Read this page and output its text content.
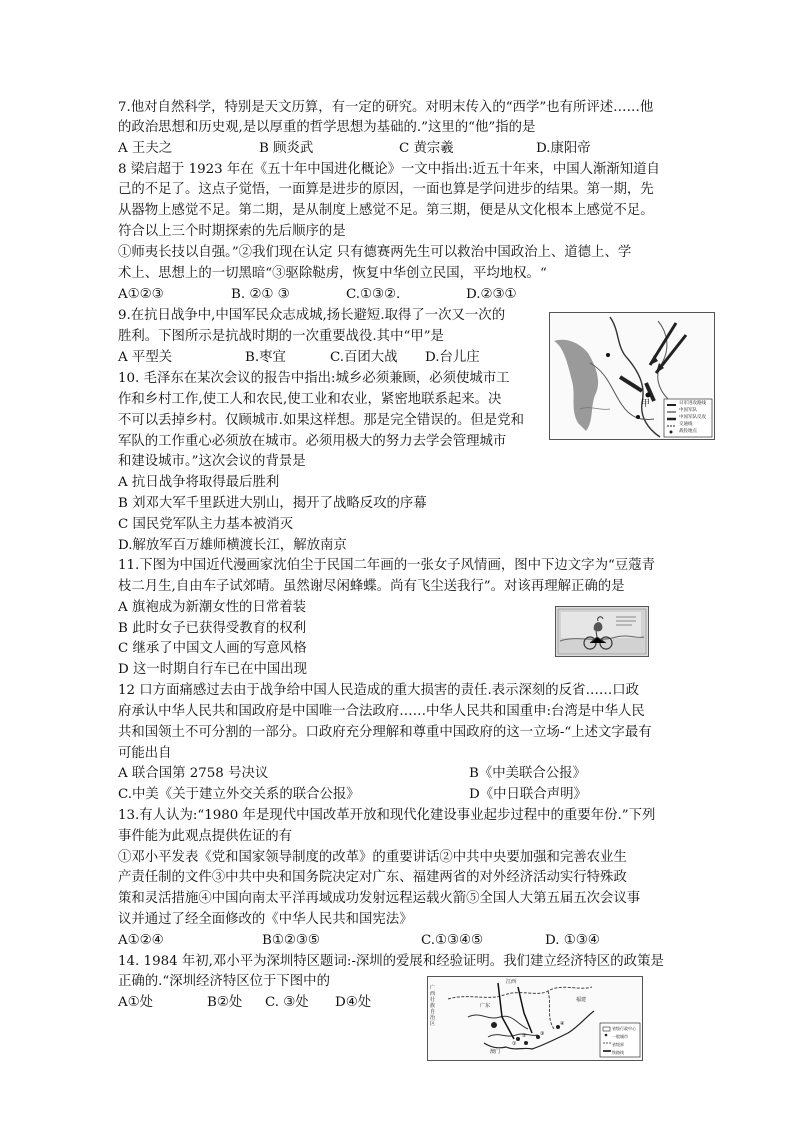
7.他对自然科学，特别是天文历算，有一定的研究。对明末传入的“西学”也有所评述……他
的政治思想和历史观,是以厚重的哲学思想为基础的.”这里的“他”指的是
A 王夫之	B 顾炎武	C 黄宗羲	D.康阳帝
8 梁启超于 1923 年在《五十年中国进化概论》一文中指出:近五十年来，中国人渐渐知道自
己的不足了。这点子觉悟，一面算是进步的原因，一面也算是学问进步的结果。第一期，先
从器物上感觉不足。第二期，是从制度上感觉不足。第三期，便是从文化根本上感觉不足。
符合以上三个时期探索的先后顺序的是
①师夷长技以自强。”②我们现在认定 只有德赛两先生可以救治中国政治上、道德上、学
术上、思想上的一切黑暗“③驱除鞑虏，恢复中华创立民国，平均地权。“
A①②③	B. ②① ③	C.①③②.	D.②③①
9.在抗日战争中,中国军民众志成城,扬长避短.取得了一次又一次的
胜利。下图所示是抗战时期的一次重要战役.其中“甲”是
A 平型关	B.枣宜	C.百团大战 D.台儿庄
甲	日军进攻路线
中国军队
中国军队反攻
交通线
战役地点
10. 毛泽东在某次会议的报告中指出:城乡必须兼顾，必须使城市工
作和乡村工作,使工人和农民,使工业和农业，紧密地联系起来。决
不可以丢掉乡村。仅顾城市.如果这样想。那是完全错误的。但是党和
军队的工作重心必须放在城市。必须用极大的努力去学会管理城市
和建设城市。”这次会议的背景是
A 抗日战争将取得最后胜利
B 刘邓大军千里跃进大别山，揭开了战略反攻的序幕
C 国民党军队主力基本被消灭
D.解放军百万雄师横渡长江，解放南京
11.下图为中国近代漫画家沈伯尘于民国二年画的一张女子风情画，图中下边文字为“豆蔻青
枝二月生,自由车子试郊晴。虽然谢尽闲蜂蝶。尚有飞尘送我行”。对该再理解正确的是
A 旗袍成为新潮女性的日常着装
B 此时女子已获得受教育的权利
C 继承了中国文人画的写意风格
D 这一时期自行车已在中国出现
12 口方面痛感过去由于战争给中国人民造成的重大损害的责任.表示深刻的反省……口政
府承认中华人民共和国政府是中国唯一合法政府……中华人民共和国重申:台湾是中华人民
共和国领土不可分割的一部分。口政府充分理解和尊重中国政府的这一立场-“上述文字最有
可能出自
A 联合国第 2758 号决议	B《中美联合公报》
C.中美《关于建立外交关系的联合公报》	D《中日联合声明》
13.有人认为:“1980 年是现代中国改革开放和现代化建设事业起步过程中的重要年份.”下列
事件能为此观点提供佐证的有
①邓小平发表《党和国家领导制度的改革》的重要讲话②中共中央要加强和完善农业生
产责任制的文件③中共中央和国务院决定对广东、福建两省的对外经济活动实行特殊政
策和灵活措施④中国向南太平洋再域成功发射远程运载火箭⑤全国人大第五届五次会议事
议并通过了经全面修改的《中华人民共和国宪法》
A①②④	B①②③⑤	C.①③④⑤	D. ①③④
14. 1984 年初,邓小平为深圳特区题词:-深圳的爱展和经验证明。我们建立经济特区的政策是
正确的.“深圳经济特区位于下图中的
A①处	B②处 C. ③处 D④处
①
②	③
④
江西
福建
广东
广西壮族自治区
澳门
省级行政中心
一般城市
省级界
铁路线
